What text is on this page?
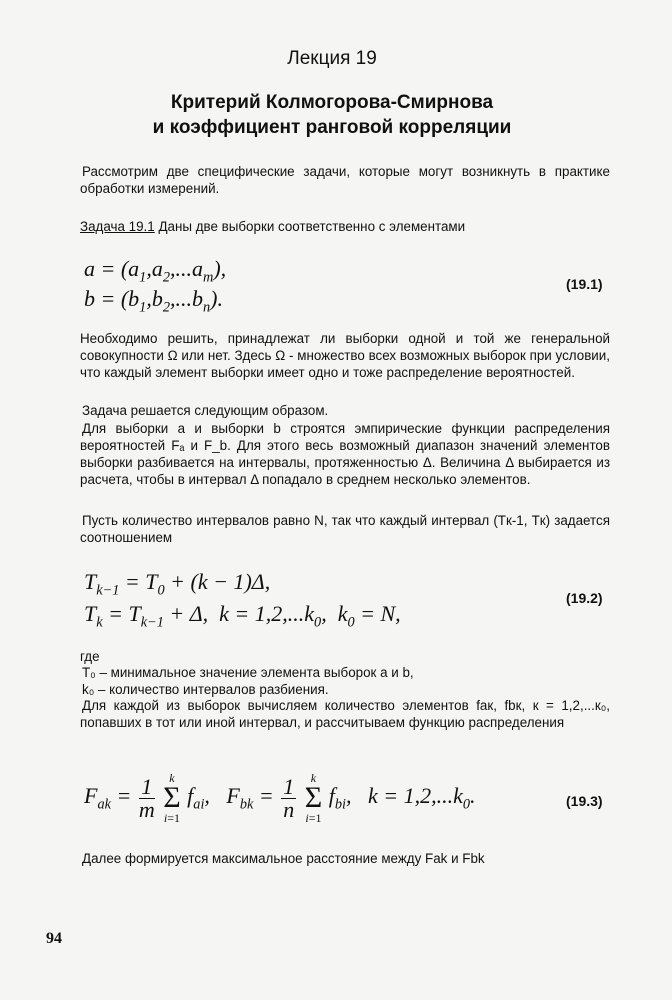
Лекция 19
Критерий Колмогорова-Смирнова
и коэффициент ранговой корреляции
Рассмотрим две специфические задачи, которые могут возникнуть в практике обработки измерений.
Задача 19.1 Даны две выборки соответственно с элементами
$a = (a_1,a_2,...a_m)$,
$b = (b_1,b_2,...b_n)$.
(19.1)
Необходимо решить, принадлежат ли выборки одной и той же генеральной совокупности Ω или нет. Здесь Ω - множество всех возможных выборок при условии, что каждый элемент выборки имеет одно и тоже распределение вероятностей.
Задача решается следующим образом.
Для выборки a и выборки b строятся эмпирические функции распределения вероятностей Fₐ и F_b. Для этого весь возможный диапазон значений элементов выборки разбивается на интервалы, протяженностью Δ. Величина Δ выбирается из расчета, чтобы в интервал Δ попадало в среднем несколько элементов.
Пусть количество интервалов равно N, так что каждый интервал (Tк-1, Tк) задается соотношением
$T_{k-1} = T_0 + (k - 1)\Delta$,
$T_k = T_{k-1} + \Delta$,  $k = 1,2,...k_0$,  $k_0 = N$,
(19.2)
где
T₀ – минимальное значение элемента выборок a и b,
k₀ – количество интервалов разбиения.
Для каждой из выборок вычисляем количество элементов fак, fbк, к = 1,2,...к₀, попавших в тот или иной интервал, и рассчитываем функцию распределения
$F_{ak} = \frac{1}{m}$
	k
Σ
i=1
$f_{ai}$,   $F_{bk} = \frac{1}{n}$
	k
Σ
i=1
$f_{bi}$,   $k = 1,2,...k_0$.	(19.3)
Далее формируется максимальное расстояние между Fak и Fbk
94
